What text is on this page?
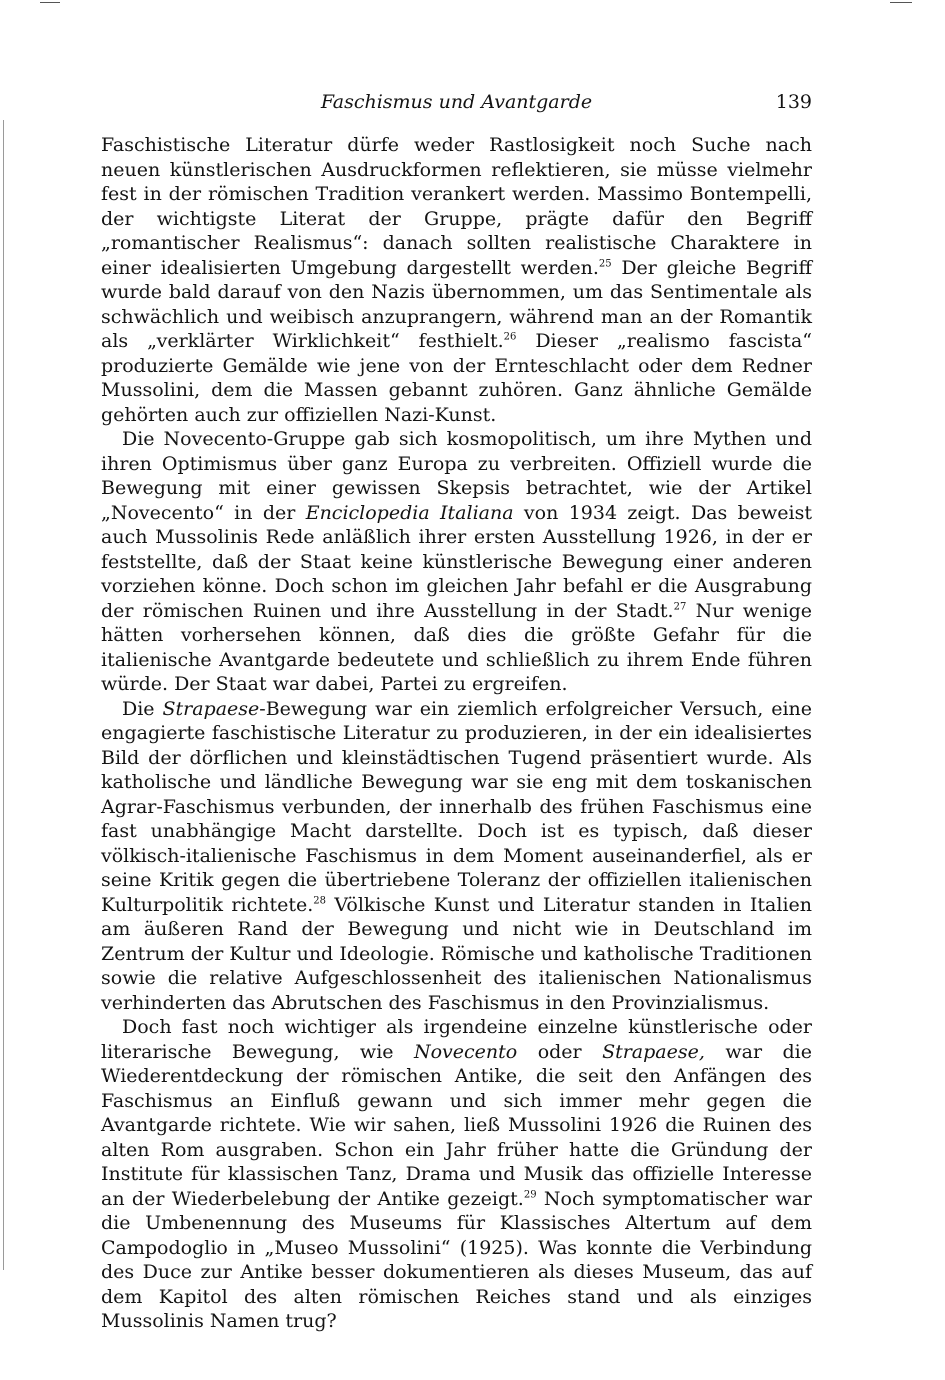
Faschismus und Avantgarde	139

Faschistische Literatur dürfe weder Rastlosigkeit noch Suche nach neuen künstlerischen Ausdruckformen reflektieren, sie müsse vielmehr fest in der römischen Tradition verankert werden. Massimo Bontempelli, der wichtigste Literat der Gruppe, prägte dafür den Begriff „romantischer Realismus“: danach sollten realistische Charaktere in einer idealisierten Umgebung dargestellt werden.$^{25}$ Der gleiche Begriff wurde bald darauf von den Nazis übernommen, um das Sentimentale als schwächlich und weibisch anzuprangern, während man an der Romantik als „verklärter Wirklichkeit“ festhielt.$^{26}$ Dieser „realismo fascista“ produzierte Gemälde wie jene von der Ernteschlacht oder dem Redner Mussolini, dem die Massen gebannt zuhören. Ganz ähnliche Gemälde gehörten auch zur offiziellen Nazi-Kunst.

Die Novecento-Gruppe gab sich kosmopolitisch, um ihre Mythen und ihren Optimismus über ganz Europa zu verbreiten. Offiziell wurde die Bewegung mit einer gewissen Skepsis betrachtet, wie der Artikel „Novecento“ in der Enciclopedia Italiana von 1934 zeigt. Das beweist auch Mussolinis Rede anläßlich ihrer ersten Ausstellung 1926, in der er feststellte, daß der Staat keine künstlerische Bewegung einer anderen vorziehen könne. Doch schon im gleichen Jahr befahl er die Ausgrabung der römischen Ruinen und ihre Ausstellung in der Stadt.$^{27}$ Nur wenige hätten vorhersehen können, daß dies die größte Gefahr für die italienische Avantgarde bedeutete und schließlich zu ihrem Ende führen würde. Der Staat war dabei, Partei zu ergreifen.

Die Strapaese-Bewegung war ein ziemlich erfolgreicher Versuch, eine engagierte faschistische Literatur zu produzieren, in der ein idealisiertes Bild der dörflichen und kleinstädtischen Tugend präsentiert wurde. Als katholische und ländliche Bewegung war sie eng mit dem toskanischen Agrar-Faschismus verbunden, der innerhalb des frühen Faschismus eine fast unabhängige Macht darstellte. Doch ist es typisch, daß dieser völkisch-italienische Faschismus in dem Moment auseinanderfiel, als er seine Kritik gegen die übertriebene Toleranz der offiziellen italienischen Kulturpolitik richtete.$^{28}$ Völkische Kunst und Literatur standen in Italien am äußeren Rand der Bewegung und nicht wie in Deutschland im Zentrum der Kultur und Ideologie. Römische und katholische Traditionen sowie die relative Aufgeschlossenheit des italienischen Nationalismus verhinderten das Abrutschen des Faschismus in den Provinzialismus.

Doch fast noch wichtiger als irgendeine einzelne künstlerische oder literarische Bewegung, wie Novecento oder Strapaese, war die Wiederentdeckung der römischen Antike, die seit den Anfängen des Faschismus an Einfluß gewann und sich immer mehr gegen die Avantgarde richtete. Wie wir sahen, ließ Mussolini 1926 die Ruinen des alten Rom ausgraben. Schon ein Jahr früher hatte die Gründung der Institute für klassischen Tanz, Drama und Musik das offizielle Interesse an der Wiederbelebung der Antike gezeigt.$^{29}$ Noch symptomatischer war die Umbenennung des Museums für Klassisches Altertum auf dem Campodoglio in „Museo Mussolini“ (1925). Was konnte die Verbindung des Duce zur Antike besser dokumentieren als dieses Museum, das auf dem Kapitol des alten römischen Reiches stand und als einziges Mussolinis Namen trug?
